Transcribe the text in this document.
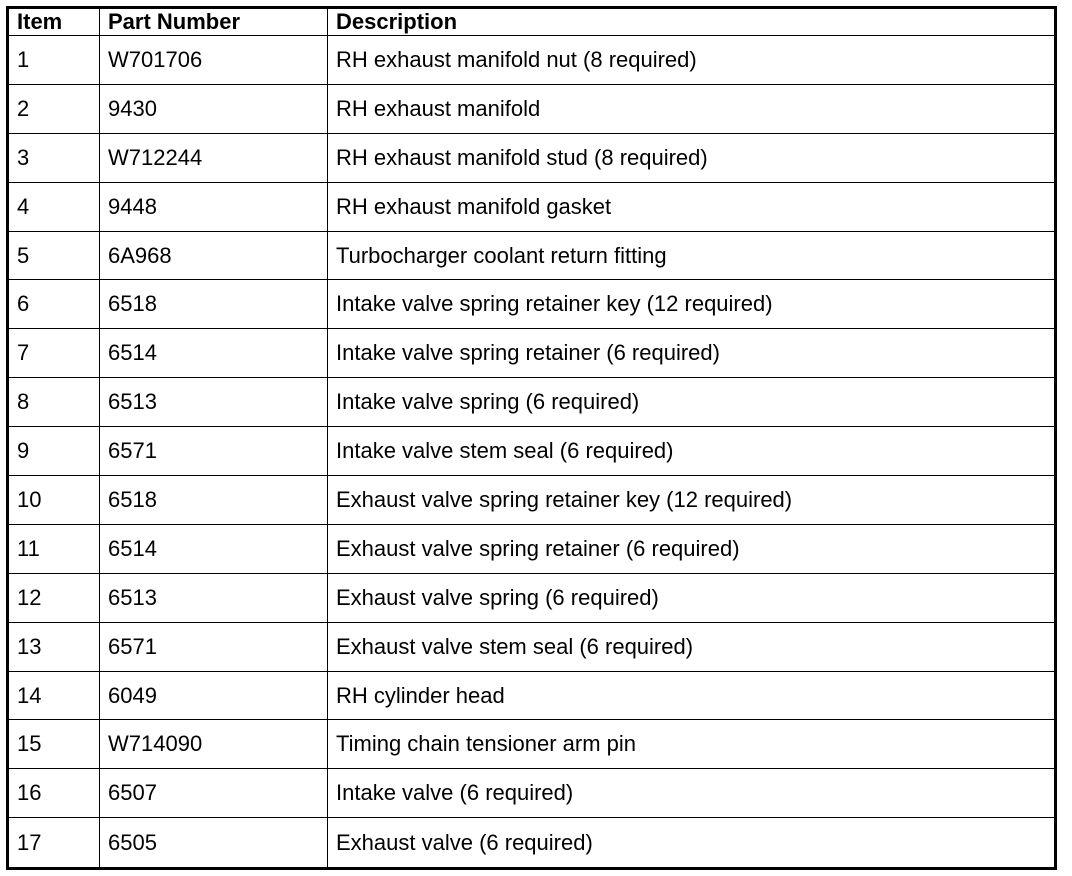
Item	Part Number	Description
1	W701706	RH exhaust manifold nut (8 required)
2	9430	RH exhaust manifold
3	W712244	RH exhaust manifold stud (8 required)
4	9448	RH exhaust manifold gasket
5	6A968	Turbocharger coolant return fitting
6	6518	Intake valve spring retainer key (12 required)
7	6514	Intake valve spring retainer (6 required)
8	6513	Intake valve spring (6 required)
9	6571	Intake valve stem seal (6 required)
10	6518	Exhaust valve spring retainer key (12 required)
11	6514	Exhaust valve spring retainer (6 required)
12	6513	Exhaust valve spring (6 required)
13	6571	Exhaust valve stem seal (6 required)
14	6049	RH cylinder head
15	W714090	Timing chain tensioner arm pin
16	6507	Intake valve (6 required)
17	6505	Exhaust valve (6 required)
